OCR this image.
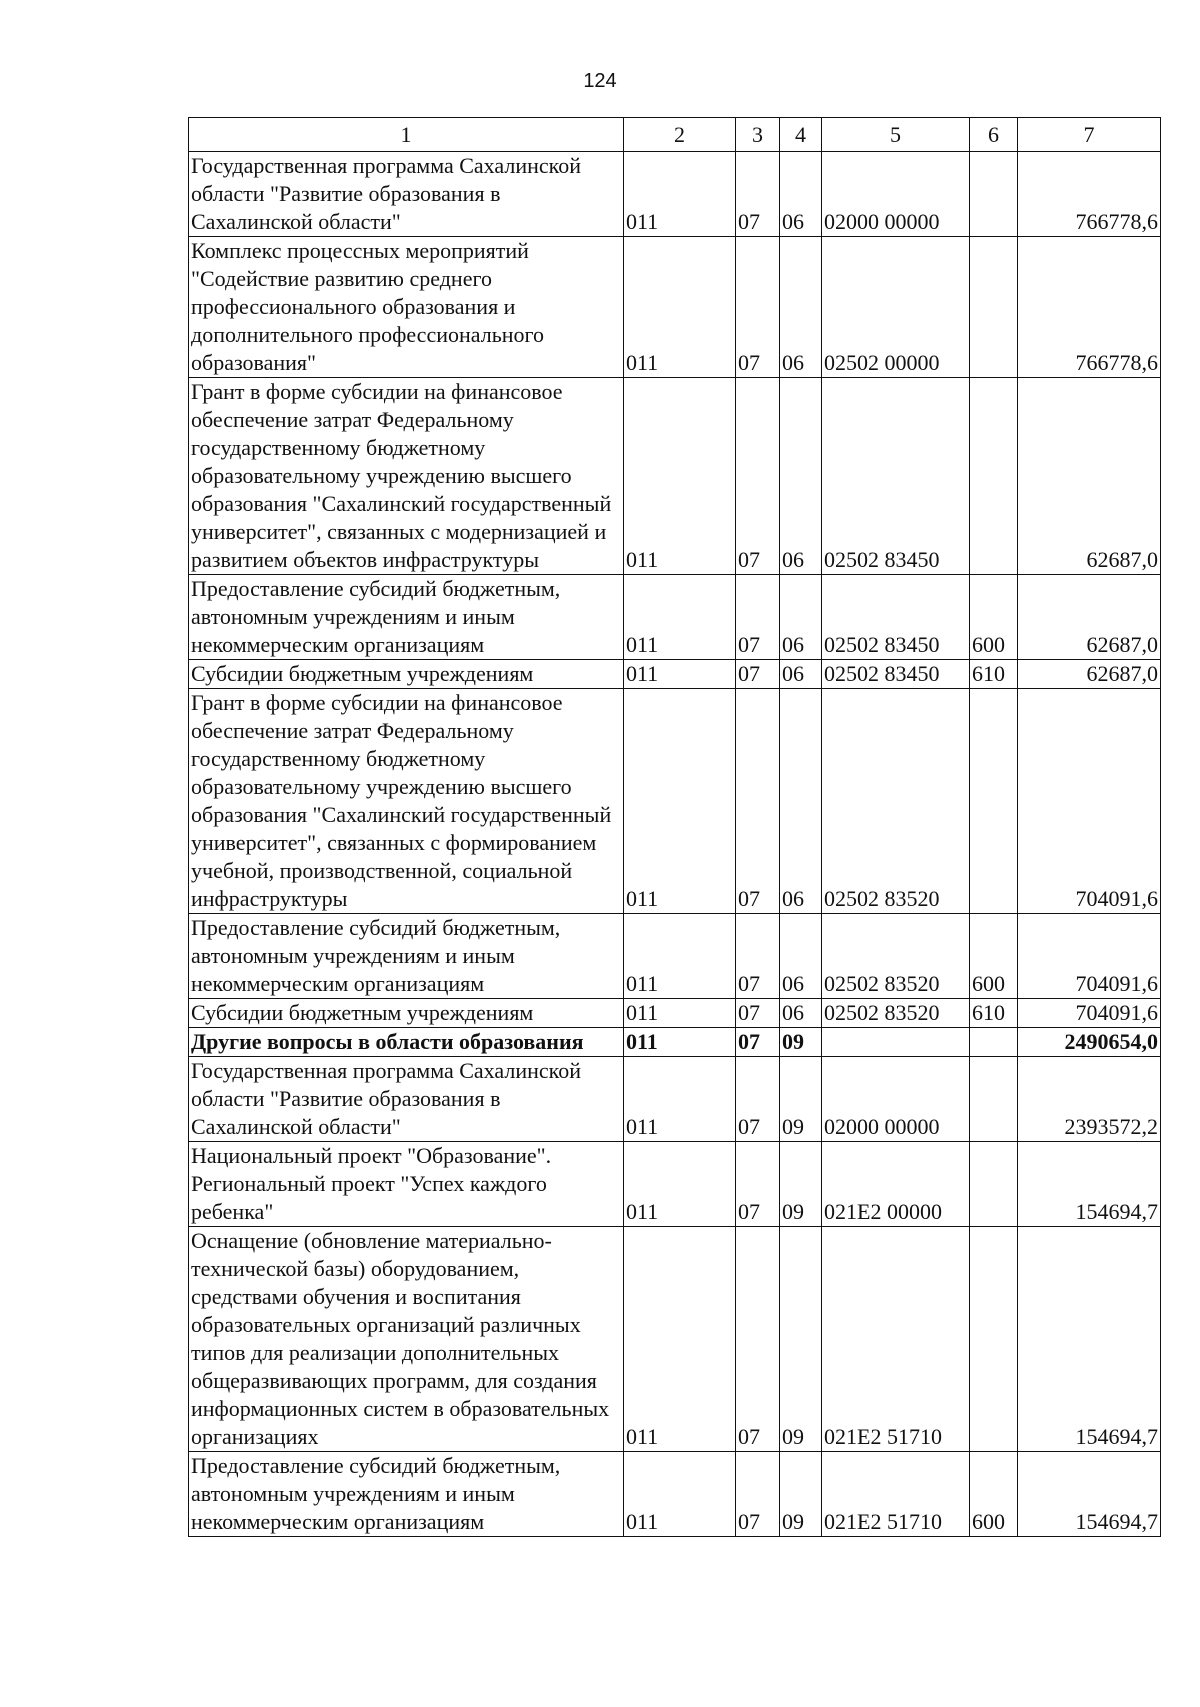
124
1	2	3	4	5	6	7
Государственная программа Сахалинской области "Развитие образования в Сахалинской области"	011	07	06	02000 00000		766778,6
Комплекс процессных мероприятий "Содействие развитию среднего профессионального образования и дополнительного профессионального образования"	011	07	06	02502 00000		766778,6
Грант в форме субсидии на финансовое обеспечение затрат Федеральному государственному бюджетному образовательному учреждению высшего образования "Сахалинский государственный университет", связанных с модернизацией и развитием объектов инфраструктуры	011	07	06	02502 83450		62687,0
Предоставление субсидий бюджетным, автономным учреждениям и иным некоммерческим организациям	011	07	06	02502 83450	600	62687,0
Субсидии бюджетным учреждениям	011	07	06	02502 83450	610	62687,0
Грант в форме субсидии на финансовое обеспечение затрат Федеральному государственному бюджетному образовательному учреждению высшего образования "Сахалинский государственный университет", связанных с формированием учебной, производственной, социальной инфраструктуры	011	07	06	02502 83520		704091,6
Предоставление субсидий бюджетным, автономным учреждениям и иным некоммерческим организациям	011	07	06	02502 83520	600	704091,6
Субсидии бюджетным учреждениям	011	07	06	02502 83520	610	704091,6
Другие вопросы в области образования	011	07	09			2490654,0
Государственная программа Сахалинской области "Развитие образования в Сахалинской области"	011	07	09	02000 00000		2393572,2
Национальный проект "Образование". Региональный проект "Успех каждого ребенка"	011	07	09	021E2 00000		154694,7
Оснащение (обновление материально-технической базы) оборудованием, средствами обучения и воспитания образовательных организаций различных типов для реализации дополнительных общеразвивающих программ, для создания информационных систем в образовательных организациях	011	07	09	021E2 51710		154694,7
Предоставление субсидий бюджетным, автономным учреждениям и иным некоммерческим организациям	011	07	09	021E2 51710	600	154694,7
